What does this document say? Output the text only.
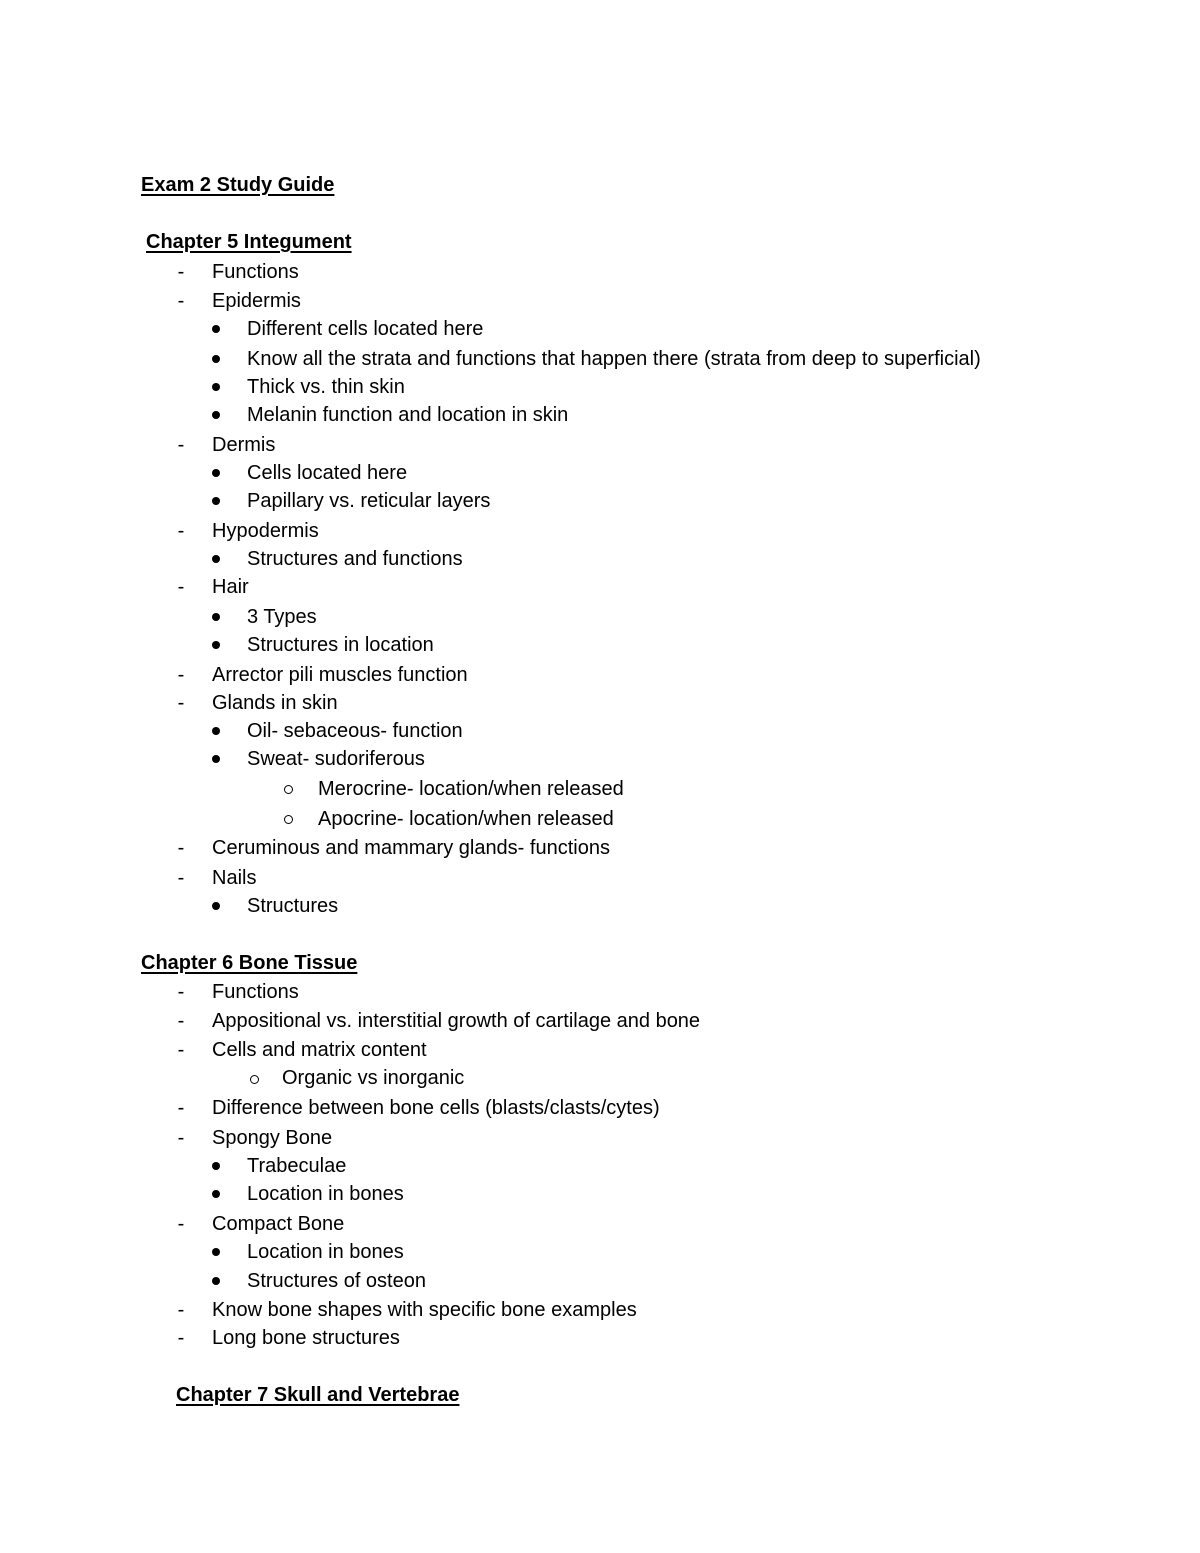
Exam 2 Study Guide
Chapter 5 Integument
- Functions
- Epidermis
Different cells located here
Know all the strata and functions that happen there (strata from deep to superficial)
Thick vs. thin skin
Melanin function and location in skin
- Dermis
Cells located here
Papillary vs. reticular layers
- Hypodermis
Structures and functions
- Hair
3 Types
Structures in location
- Arrector pili muscles function
- Glands in skin
Oil- sebaceous- function
Sweat- sudoriferous
Merocrine- location/when released
Apocrine- location/when released
- Ceruminous and mammary glands- functions
- Nails
Structures
Chapter 6 Bone Tissue
- Functions
- Appositional vs. interstitial growth of cartilage and bone
- Cells and matrix content
Organic vs inorganic
- Difference between bone cells (blasts/clasts/cytes)
- Spongy Bone
Trabeculae
Location in bones
- Compact Bone
Location in bones
Structures of osteon
- Know bone shapes with specific bone examples
- Long bone structures
Chapter 7 Skull and Vertebrae
